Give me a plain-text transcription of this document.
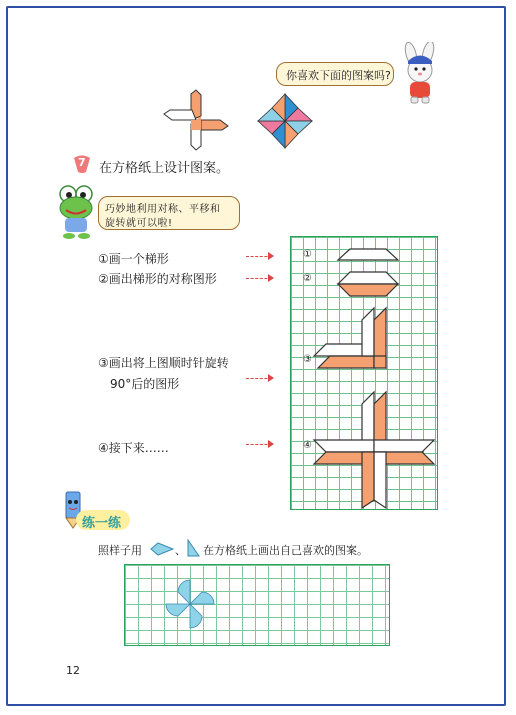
你喜欢下面的图案吗?
7 在方格纸上设计图案。
巧妙地利用对称、平移和
旋转就可以啦!
①画一个梯形
②画出梯形的对称图形
③画出将上图顺时针旋转
90°后的图形
④接下来……
①
②
③
④
练一练
照样子用	、 在方格纸上画出自己喜欢的图案。
12
